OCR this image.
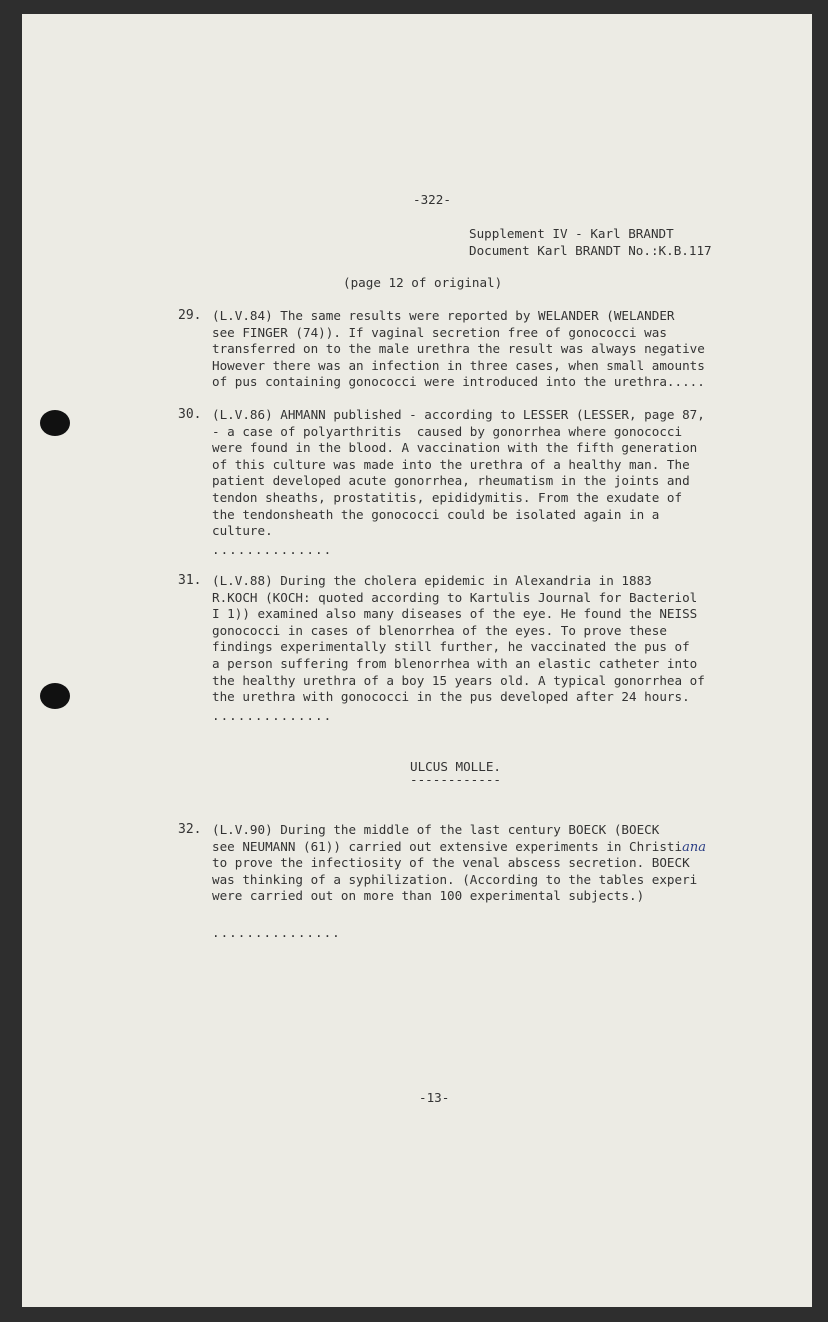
-322-

Supplement IV - Karl BRANDT

Document Karl BRANDT No.:K.B.117

(page 12 of original)

29. (L.V.84) The same results were reported by WELANDER (WELANDER
see FINGER (74)). If vaginal secretion free of gonococci was
transferred on to the male urethra the result was always negative
However there was an infection in three cases, when small amounts
of pus containing gonococci were introduced into the urethra.....

30. (L.V.86) AHMANN published - according to LESSER (LESSER, page 87,
- a case of polyarthritis  caused by gonorrhea where gonococci
were found in the blood. A vaccination with the fifth generation
of this culture was made into the urethra of a healthy man. The
patient developed acute gonorrhea, rheumatism in the joints and
tendon sheaths, prostatitis, epididymitis. From the exudate of
the tendonsheath the gonococci could be isolated again in a
culture.
..............

31. (L.V.88) During the cholera epidemic in Alexandria in 1883
R.KOCH (KOCH: quoted according to Kartulis Journal for Bacteriol
I 1)) examined also many diseases of the eye. He found the NEISS
gonococci in cases of blenorrhea of the eyes. To prove these
findings experimentally still further, he vaccinated the pus of
a person suffering from blenorrhea with an elastic catheter into
the healthy urethra of a boy 15 years old. A typical gonorrhea of
the urethra with gonococci in the pus developed after 24 hours.
..............

ULCUS MOLLE.

------------

32. (L.V.90) During the middle of the last century BOECK (BOECK
see NEUMANN (61)) carried out extensive experiments in Christiana
to prove the infectiosity of the venal abscess secretion. BOECK
was thinking of a syphilization. (According to the tables experi
were carried out on more than 100 experimental subjects.)
...............

-13-
